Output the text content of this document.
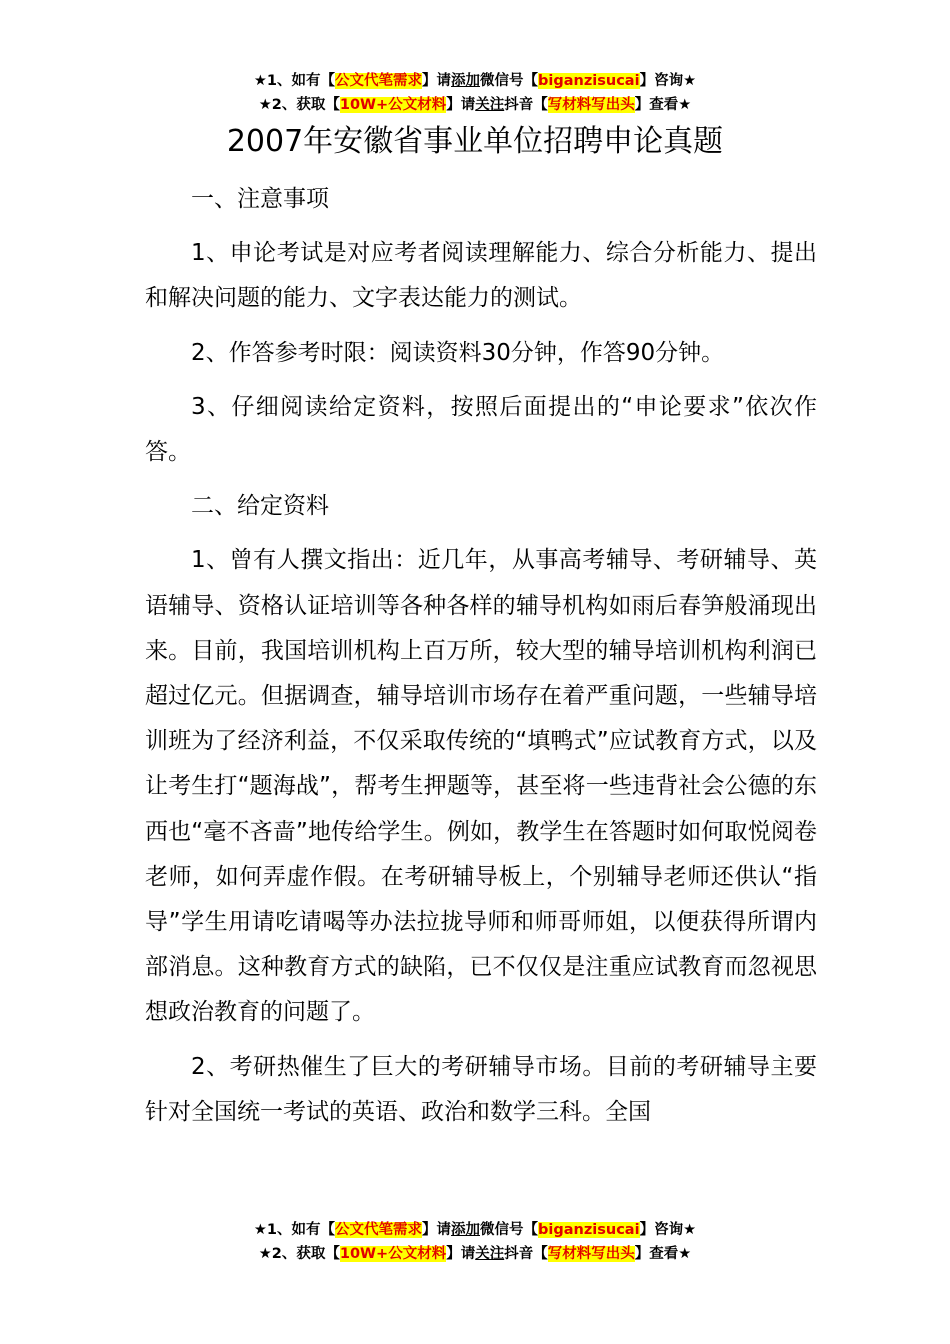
★1、如有【公文代笔需求】请添加微信号【biganzisucai】咨询★
★2、获取【10W+公文材料】请关注抖音【写材料写出头】查看★
2007年安徽省事业单位招聘申论真题

一、注意事项

1、申论考试是对应考者阅读理解能力、综合分析能力、提出和解决问题的能力、文字表达能力的测试。

2、作答参考时限：阅读资料30分钟，作答90分钟。

3、仔细阅读给定资料，按照后面提出的“申论要求”依次作答。

二、给定资料

1、曾有人撰文指出：近几年，从事高考辅导、考研辅导、英语辅导、资格认证培训等各种各样的辅导机构如雨后春笋般涌现出来。目前，我国培训机构上百万所，较大型的辅导培训机构利润已超过亿元。但据调查，辅导培训市场存在着严重问题，一些辅导培训班为了经济利益，不仅采取传统的“填鸭式”应试教育方式，以及让考生打“题海战”，帮考生押题等，甚至将一些违背社会公德的东西也“毫不吝啬”地传给学生。例如，教学生在答题时如何取悦阅卷老师，如何弄虚作假。在考研辅导板上，个别辅导老师还供认“指导”学生用请吃请喝等办法拉拢导师和师哥师姐，以便获得所谓内部消息。这种教育方式的缺陷，已不仅仅是注重应试教育而忽视思想政治教育的问题了。

2、考研热催生了巨大的考研辅导市场。目前的考研辅导主要针对全国统一考试的英语、政治和数学三科。全国

★1、如有【公文代笔需求】请添加微信号【biganzisucai】咨询★
★2、获取【10W+公文材料】请关注抖音【写材料写出头】查看★
